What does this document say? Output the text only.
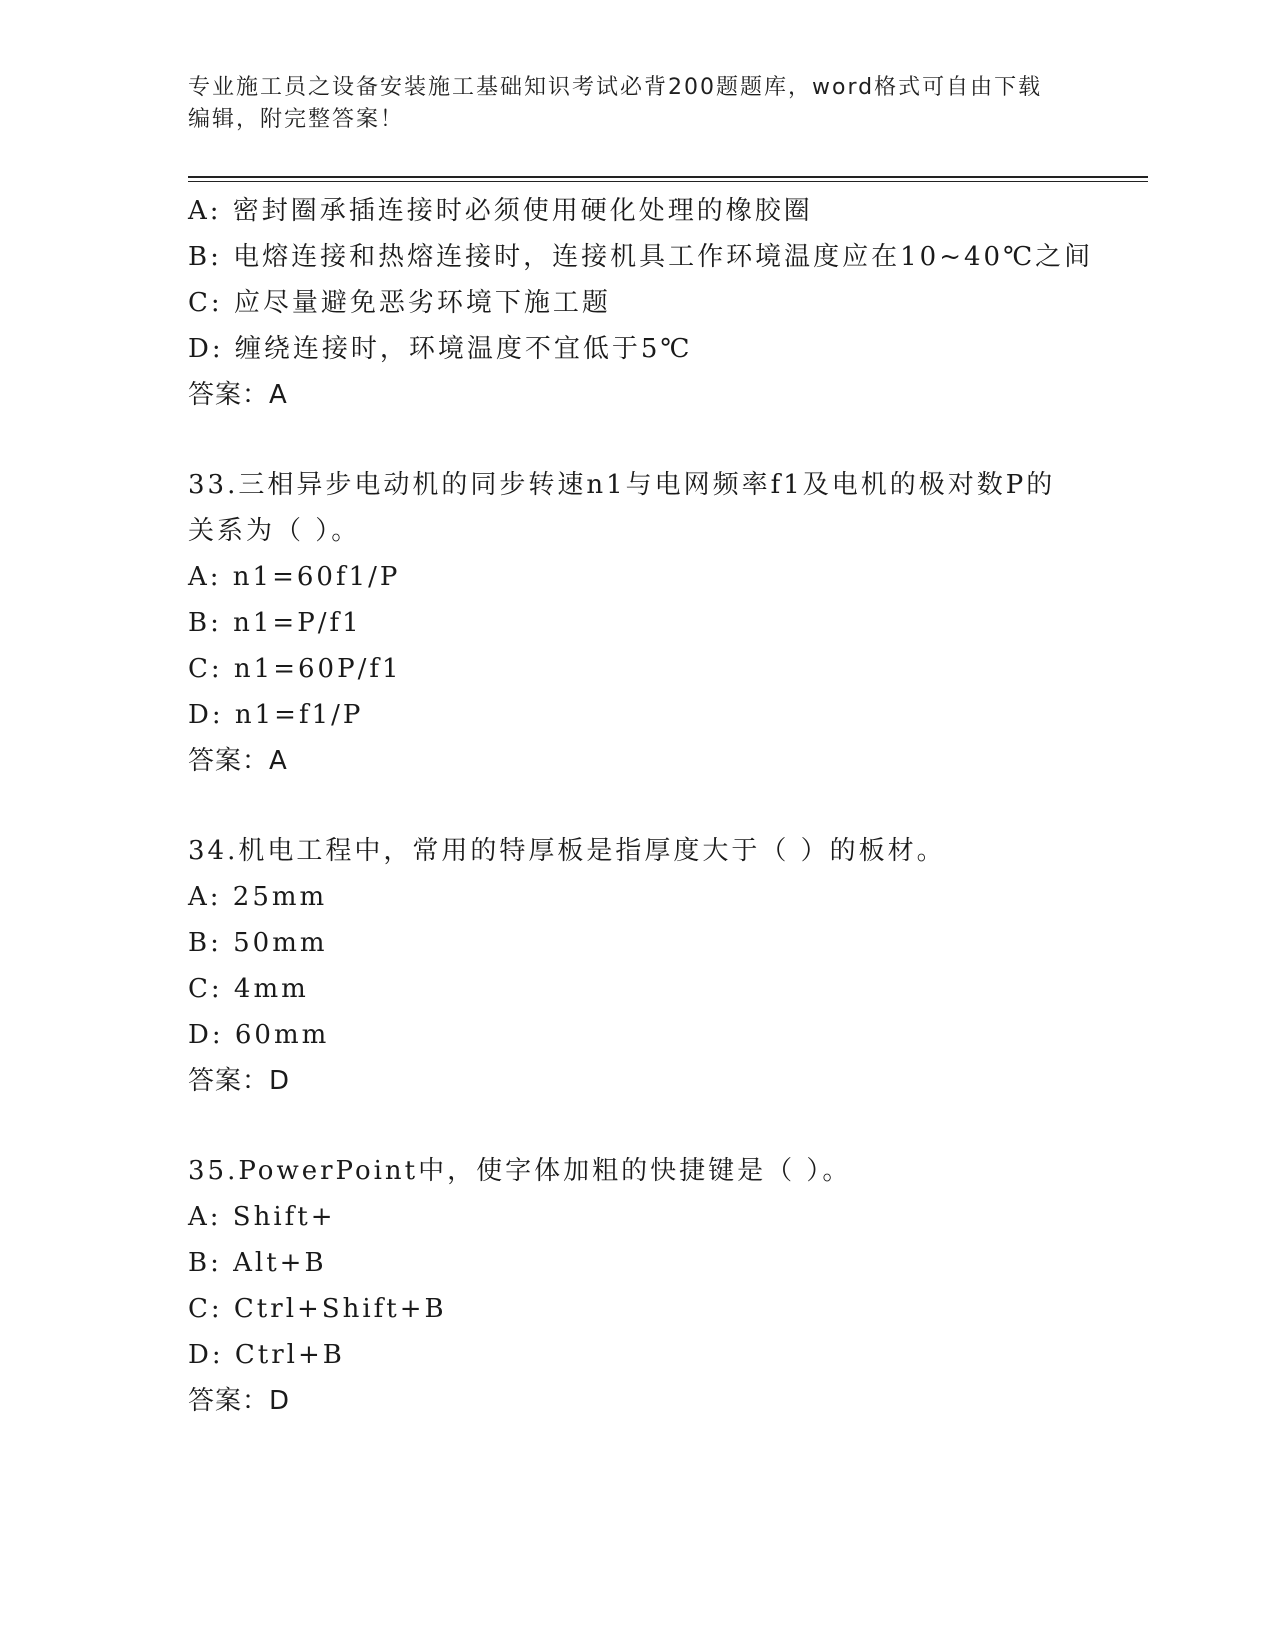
专业施工员之设备安装施工基础知识考试必背200题题库，word格式可自由下载
编辑，附完整答案！
A: 密封圈承插连接时必须使用硬化处理的橡胶圈
B: 电熔连接和热熔连接时，连接机具工作环境温度应在10~40℃之间
C: 应尽量避免恶劣环境下施工题
D: 缠绕连接时，环境温度不宜低于5℃
答案：A
33.三相异步电动机的同步转速n1与电网频率f1及电机的极对数P的
关系为（ ）。
A: n1=60f1/P
B: n1=P/f1
C: n1=60P/f1
D: n1=f1/P
答案：A
34.机电工程中，常用的特厚板是指厚度大于（ ）的板材。
A: 25mm
B: 50mm
C: 4mm
D: 60mm
答案：D
35.PowerPoint中，使字体加粗的快捷键是（ ）。
A: Shift+
B: Alt+B
C: Ctrl+Shift+B
D: Ctrl+B
答案：D
